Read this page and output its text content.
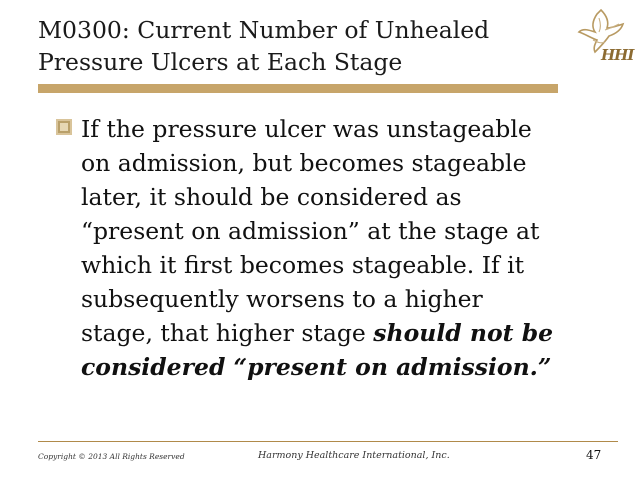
M0300: Current Number of Unhealed Pressure Ulcers at Each Stage	HHI
If the pressure ulcer was unstageable on admission, but becomes stageable later, it should be considered as “present on admission” at the stage at which it first becomes stageable. If it subsequently worsens to a higher stage, that higher stage should not be considered “present on admission.”
Copyright © 2013 All Rights Reserved	Harmony Healthcare International, Inc.	47
